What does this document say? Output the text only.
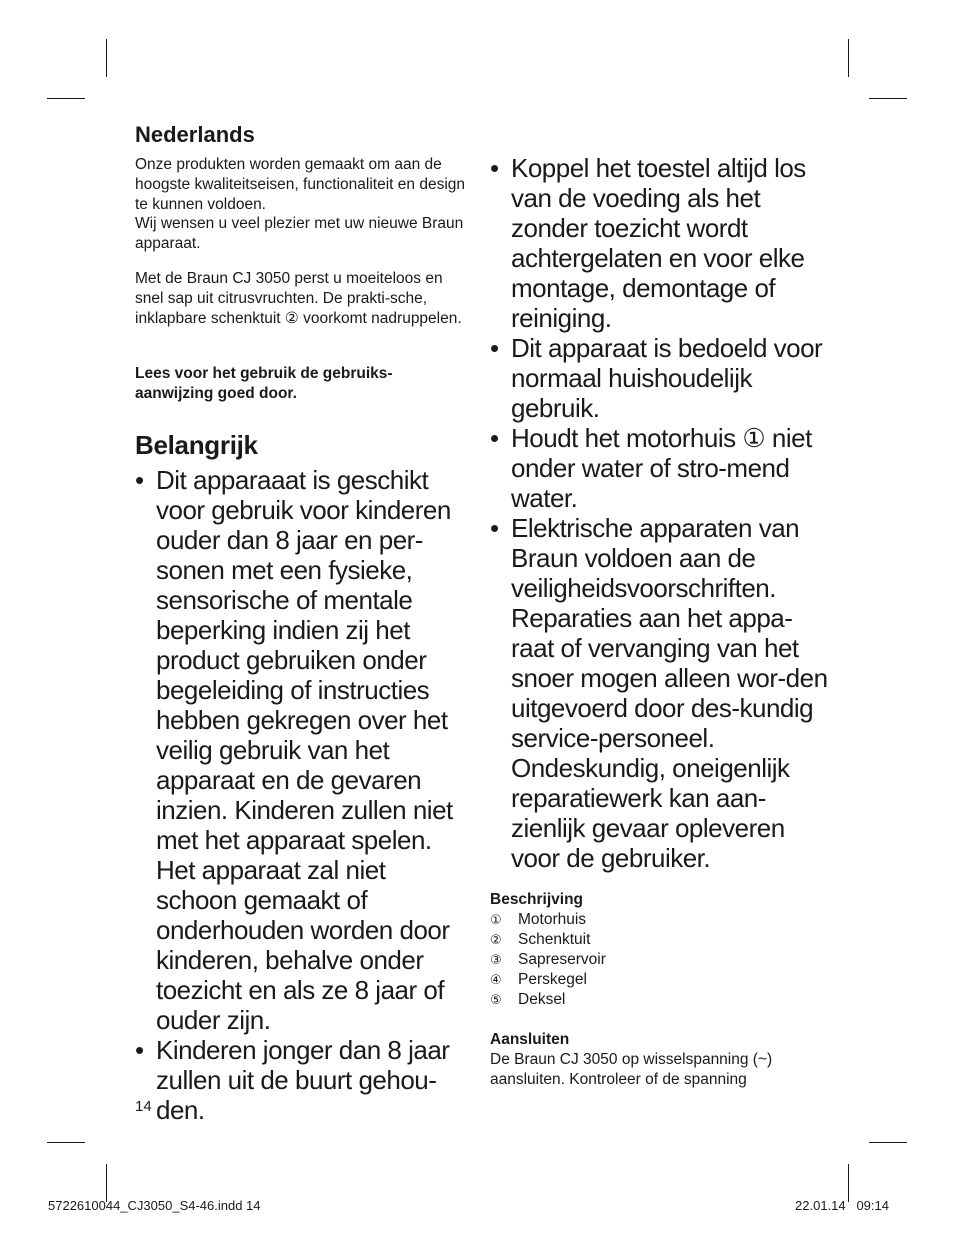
Nederlands

Onze produkten worden gemaakt om aan de hoogste kwaliteitseisen, functionaliteit en design te kunnen voldoen.

Wij wensen u veel plezier met uw nieuwe Braun apparaat.

Met de Braun CJ 3050 perst u moeiteloos en snel sap uit citrusvruchten. De prakti-sche, inklapbare schenktuit ② voorkomt nadruppelen.

Lees voor het gebruik de gebruiks-aanwijzing goed door.

Belangrijk
• Dit apparaaat is geschikt voor gebruik voor kinderen ouder dan 8 jaar en per-sonen met een fysieke, sensorische of mentale beperking indien zij het product gebruiken onder begeleiding of instructies hebben gekregen over het veilig gebruik van het apparaat en de gevaren inzien. Kinderen zullen niet met het apparaat spelen. Het apparaat zal niet schoon gemaakt of onderhouden worden door kinderen, behalve onder toezicht en als ze 8 jaar of ouder zijn.
• Kinderen jonger dan 8 jaar zullen uit de buurt gehou-den.
• Koppel het toestel altijd los van de voeding als het zonder toezicht wordt achtergelaten en voor elke montage, demontage of reiniging.
• Dit apparaat is bedoeld voor normaal huishoudelijk gebruik.
• Houdt het motorhuis ① niet onder water of stro-mend water.
• Elektrische apparaten van Braun voldoen aan de veiligheidsvoorschriften. Reparaties aan het appa-raat of vervanging van het snoer mogen alleen wor-den uitgevoerd door des-kundig service-personeel. Ondeskundig, oneigenlijk reparatiewerk kan aan-zienlijk gevaar opleveren voor de gebruiker.
Beschrijving
①	Motorhuis
②	Schenktuit
③	Sapreservoir
④	Perskegel
⑤	Deksel
Aansluiten

De Braun CJ 3050 op wisselspanning (~) aansluiten. Kontroleer of de spanning

14
5722610044_CJ3050_S4-46.indd 14	22.01.14   09:14
